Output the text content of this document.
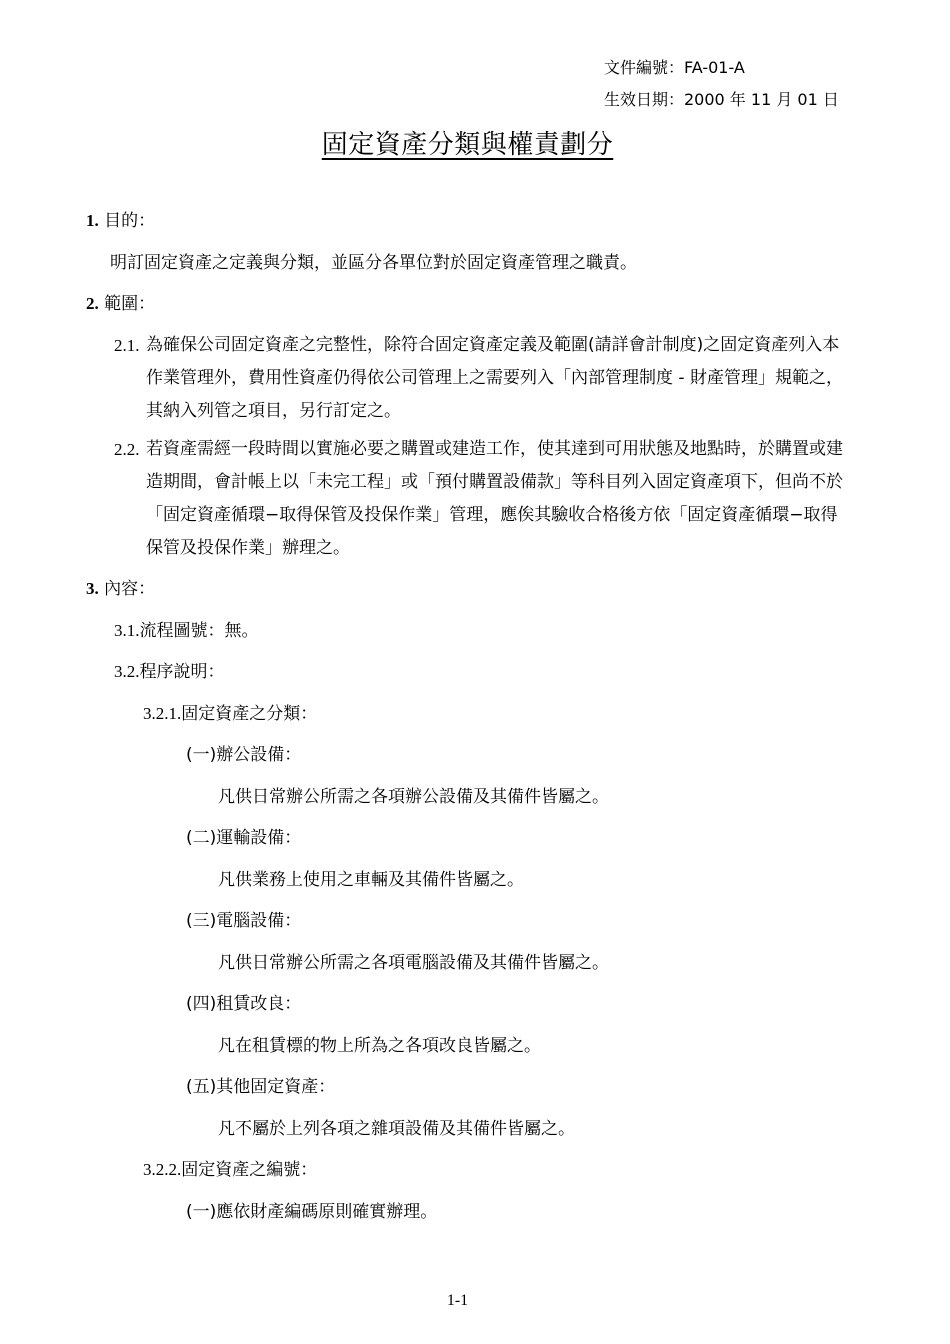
文件編號：FA-01-A
生效日期：2000 年 11 月 01 日
固定資產分類與權責劃分
1. 目的：
明訂固定資產之定義與分類，並區分各單位對於固定資產管理之職責。
2. 範圍：
2.1. 為確保公司固定資產之完整性，除符合固定資產定義及範圍(請詳會計制度)之固定資產列入本作業管理外，費用性資產仍得依公司管理上之需要列入「內部管理制度 - 財產管理」規範之，其納入列管之項目，另行訂定之。
2.2. 若資產需經一段時間以實施必要之購置或建造工作，使其達到可用狀態及地點時，於購置或建造期間，會計帳上以「未完工程」或「預付購置設備款」等科目列入固定資產項下，但尚不於「固定資產循環−取得保管及投保作業」管理，應俟其驗收合格後方依「固定資產循環−取得保管及投保作業」辦理之。
3. 內容：
3.1.流程圖號：無。
3.2.程序說明：
3.2.1.固定資產之分類：
(一)辦公設備：
凡供日常辦公所需之各項辦公設備及其備件皆屬之。
(二)運輸設備：
凡供業務上使用之車輛及其備件皆屬之。
(三)電腦設備：
凡供日常辦公所需之各項電腦設備及其備件皆屬之。
(四)租賃改良：
凡在租賃標的物上所為之各項改良皆屬之。
(五)其他固定資產：
凡不屬於上列各項之雜項設備及其備件皆屬之。
3.2.2.固定資產之編號：
(一)應依財產編碼原則確實辦理。
1-1
